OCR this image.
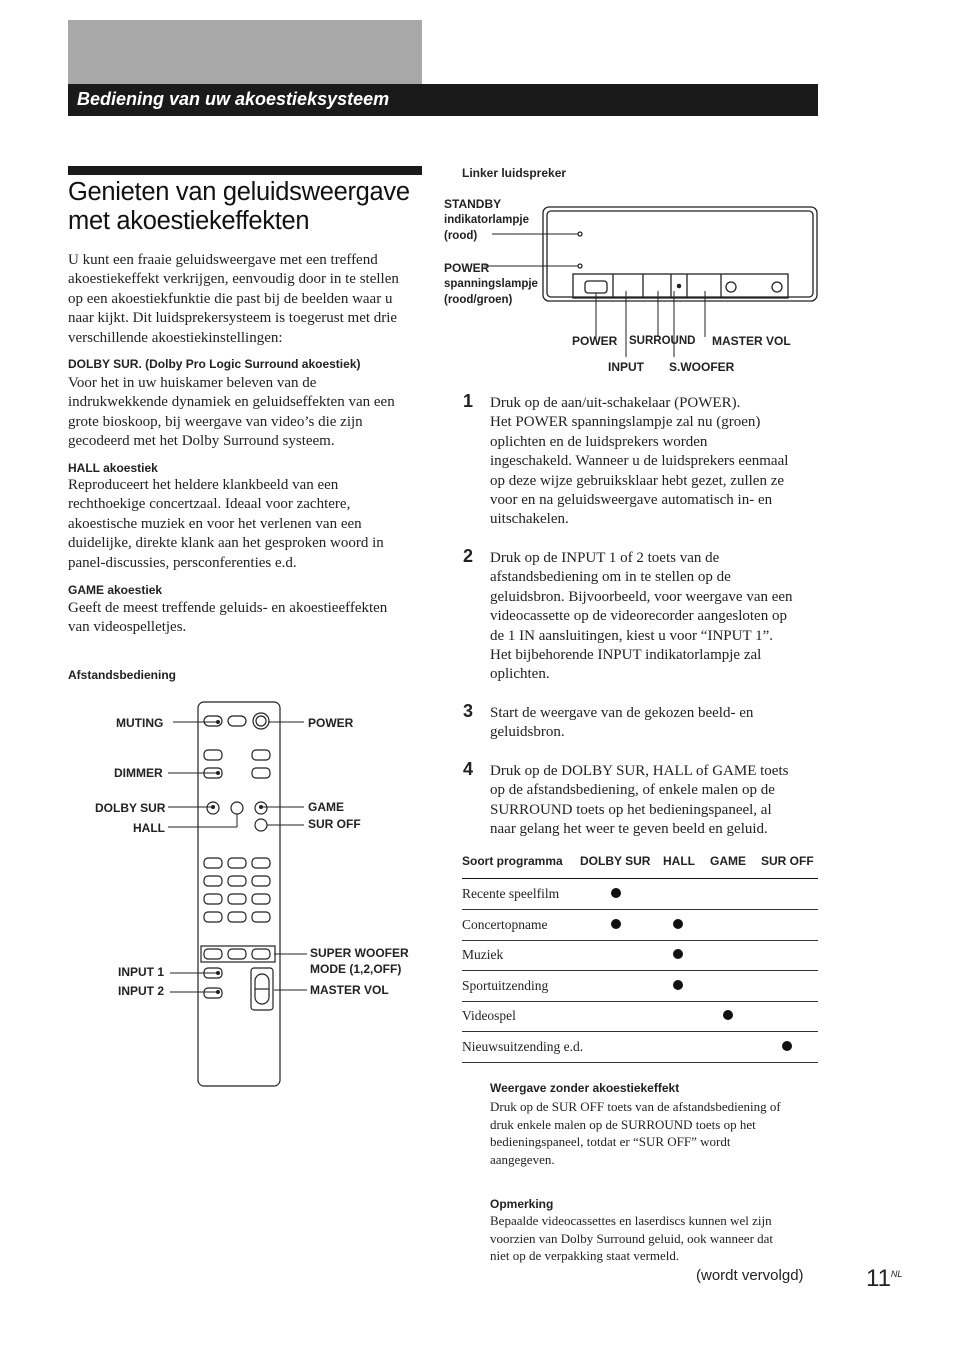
Bediening van uw akoestieksysteem
Genieten van geluidsweergave
met akoestiekeffekten
U kunt een fraaie geluidsweergave met een treffend
akoestiekeffekt verkrijgen, eenvoudig door in te stellen
op een akoestiekfunktie die past bij de beelden waar u
naar kijkt. Dit luidsprekersysteem is toegerust met drie
verschillende akoestiekinstellingen:
DOLBY SUR. (Dolby Pro Logic Surround akoestiek)
Voor het in uw huiskamer beleven van de
indrukwekkende dynamiek en geluidseffekten van een
grote bioskoop, bij weergave van video’s die zijn
gecodeerd met het Dolby Surround systeem.
HALL akoestiek
Reproduceert het heldere klankbeeld van een
rechthoekige concertzaal. Ideaal voor zachtere,
akoestische muziek en voor het verlenen van een
duidelijke, direkte klank aan het gesproken woord in
panel-discussies, persconferenties e.d.
GAME akoestiek
Geeft de meest treffende geluids- en akoestieeffekten
van videospelletjes.
Afstandsbediening
MUTING
DIMMER
DOLBY SUR
HALL
INPUT 1
INPUT 2
POWER
GAME
SUR OFF
SUPER WOOFER
MODE (1,2,OFF)
MASTER VOL
Linker luidspreker
STANDBY
indikatorlampje
(rood)
POWER
spanningslampje
(rood/groen)
POWER SURROUND MASTER VOL
INPUT S.WOOFER
1 Druk op de aan/uit-schakelaar (POWER).
Het POWER spanningslampje zal nu (groen)
oplichten en de luidsprekers worden
ingeschakeld. Wanneer u de luidsprekers eenmaal
op deze wijze gebruiksklaar hebt gezet, zullen ze
voor en na geluidsweergave automatisch in- en
uitschakelen.
2 Druk op de INPUT 1 of 2 toets van de
afstandsbediening om in te stellen op de
geluidsbron. Bijvoorbeeld, voor weergave van een
videocassette op de videorecorder aangesloten op
de 1 IN aansluitingen, kiest u voor “INPUT 1”.
Het bijbehorende INPUT indikatorlampje zal
oplichten.
3 Start de weergave van de gekozen beeld- en
geluidsbron.
4 Druk op de DOLBY SUR, HALL of GAME toets
op de afstandsbediening, of enkele malen op de
SURROUND toets op het bedieningspaneel, al
naar gelang het weer te geven beeld en geluid.
Soort programma DOLBY SUR HALL GAME SUR OFF
Recente speelfilm
Concertopname
Muziek
Sportuitzending
Videospel
Nieuwsuitzending e.d.
Weergave zonder akoestiekeffekt
Druk op de SUR OFF toets van de afstandsbediening of
druk enkele malen op de SURROUND toets op het
bedieningspaneel, totdat er “SUR OFF” wordt
aangegeven.
Opmerking
Bepaalde videocassettes en laserdiscs kunnen wel zijn
voorzien van Dolby Surround geluid, ook wanneer dat
niet op de verpakking staat vermeld.
(wordt vervolgd)	$11^{NL}$
